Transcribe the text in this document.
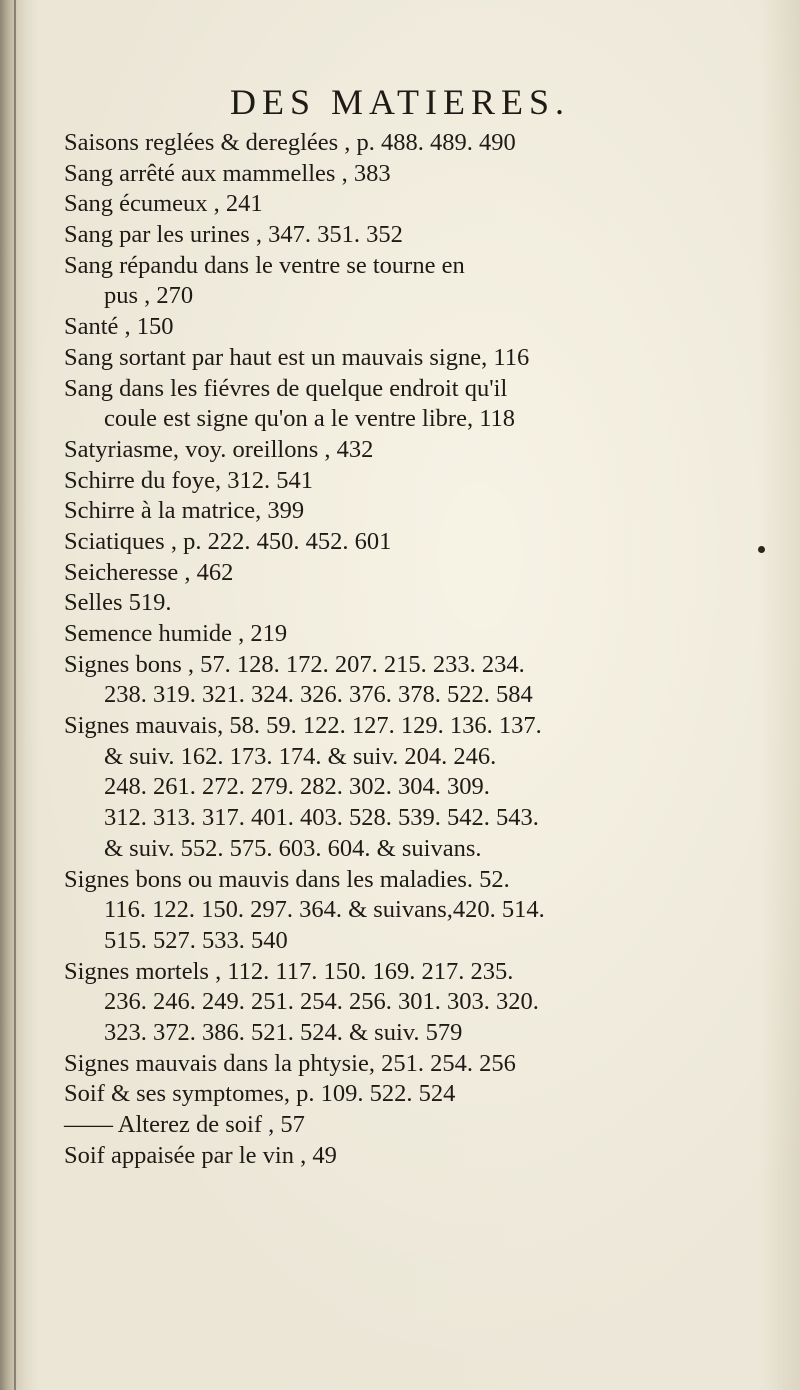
DES MATIERES.
Saisons reglées & dereglées , p. 488. 489. 490
Sang arrêté aux mammelles , 383
Sang écumeux , 241
Sang par les urines , 347. 351. 352
Sang répandu dans le ventre se tourne en
pus , 270
Santé , 150
Sang sortant par haut est un mauvais signe, 116
Sang dans les fiévres de quelque endroit qu'il
coule est signe qu'on a le ventre libre, 118
Satyriasme, voy. oreillons , 432
Schirre du foye, 312. 541
Schirre à la matrice, 399
Sciatiques , p. 222. 450. 452. 601
Seicheresse , 462
Selles 519.
Semence humide , 219
Signes bons , 57. 128. 172. 207. 215. 233. 234.
238. 319. 321. 324. 326. 376. 378. 522. 584
Signes mauvais, 58. 59. 122. 127. 129. 136. 137.
& suiv. 162. 173. 174. & suiv. 204. 246.
248. 261. 272. 279. 282. 302. 304. 309.
312. 313. 317. 401. 403. 528. 539. 542. 543.
& suiv. 552. 575. 603. 604. & suivans.
Signes bons ou mauvis dans les maladies. 52.
116. 122. 150. 297. 364. & suivans,420. 514.
515. 527. 533. 540
Signes mortels , 112. 117. 150. 169. 217. 235.
236. 246. 249. 251. 254. 256. 301. 303. 320.
323. 372. 386. 521. 524. & suiv. 579
Signes mauvais dans la phtysie, 251. 254. 256
Soif & ses symptomes, p. 109. 522. 524
—— Alterez de soif , 57
Soif appaisée par le vin , 49
